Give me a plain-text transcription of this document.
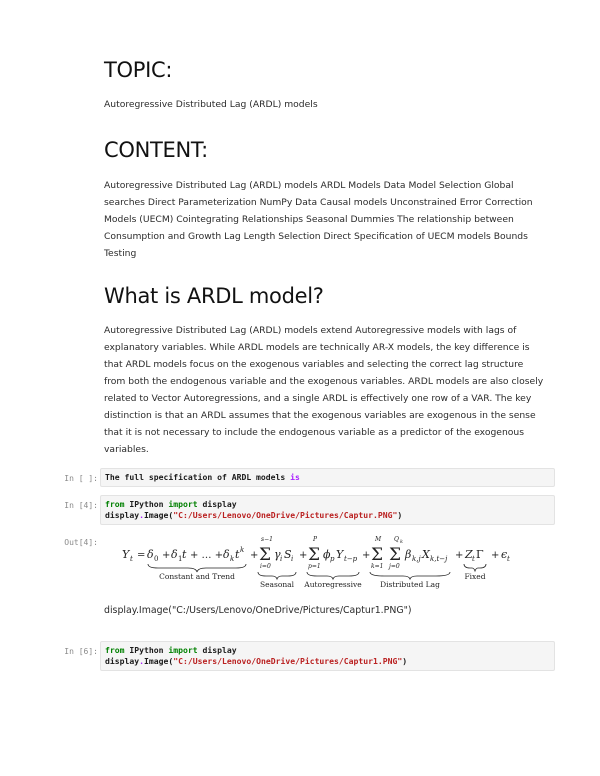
TOPIC:

Autoregressive Distributed Lag (ARDL) models

CONTENT:

Autoregressive Distributed Lag (ARDL) models ARDL Models Data Model Selection Global searches Direct Parameterization NumPy Data Causal models Unconstrained Error Correction Models (UECM) Cointegrating Relationships Seasonal Dummies The relationship between Consumption and Growth Lag Length Selection Direct Specification of UECM models Bounds Testing

What is ARDL model?

Autoregressive Distributed Lag (ARDL) models extend Autoregressive models with lags of explanatory variables. While ARDL models are technically AR-X models, the key difference is that ARDL models focus on the exogenous variables and selecting the correct lag structure from both the endogenous variable and the exogenous variables. ARDL models are also closely related to Vector Autoregressions, and a single ARDL is effectively one row of a VAR. The key distinction is that an ARDL assumes that the exogenous variables are exogenous in the sense that it is not necessary to include the endogenous variable as a predictor of the exogenous variables.

In [ ]: The full specification of ARDL models is
In [4]: from IPython import display
display.Image("C:/Users/Lenovo/OneDrive/Pictures/Captur.PNG")
Out[4]:
Y t = δ 0 + δ 1 t + … + δ k t k
Constant and Trend
+
s−1
Σ
i=0
γ i S i
Seasonal
+
P
Σ
p=1
ϕ p Y t−p
Autoregressive
+
M
Σ
k=1
Q k
Σ
j=0
β k,j X k,t−j
Distributed Lag
+ Z t Γ
Fixed
+ ϵ t
display.Image("C:/Users/Lenovo/OneDrive/Pictures/Captur1.PNG")
In [6]: from IPython import display
display.Image("C:/Users/Lenovo/OneDrive/Pictures/Captur1.PNG")
